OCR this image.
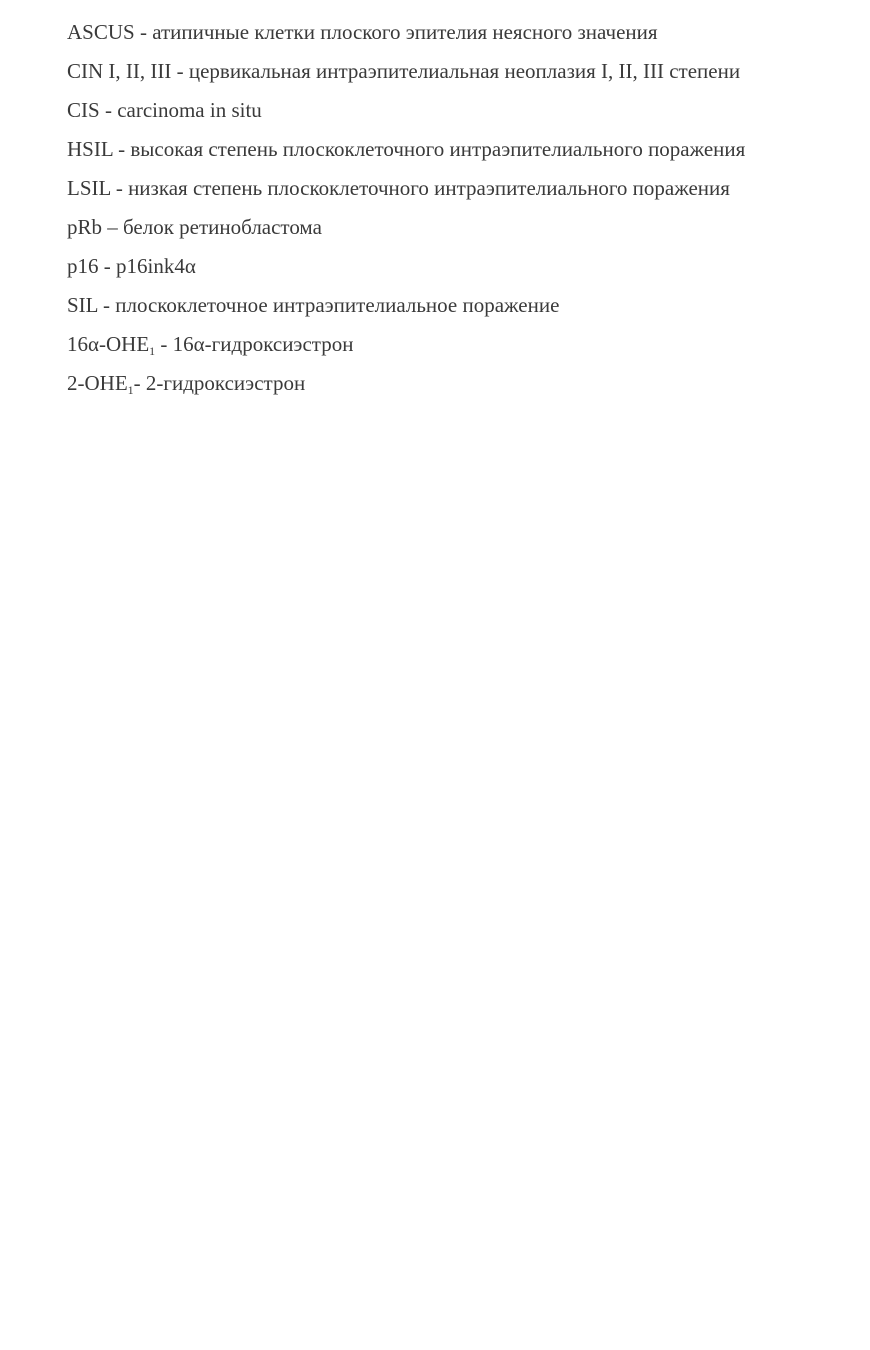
ASCUS - атипичные клетки плоского эпителия неясного значения
CIN I, II, III - цервикальная интраэпителиальная неоплазия I, II, III степени
CIS - carcinoma in situ
HSIL - высокая степень плоскоклеточного интраэпителиального поражения
LSIL - низкая степень плоскоклеточного интраэпителиального поражения
pRb – белок ретинобластома
p16 - p16ink4α
SIL - плоскоклеточное интраэпителиальное поражение
$16\alpha-OHE_1$ - 16α-гидроксиэстрон
$2-OHE_1-$ 2-гидроксиэстрон
